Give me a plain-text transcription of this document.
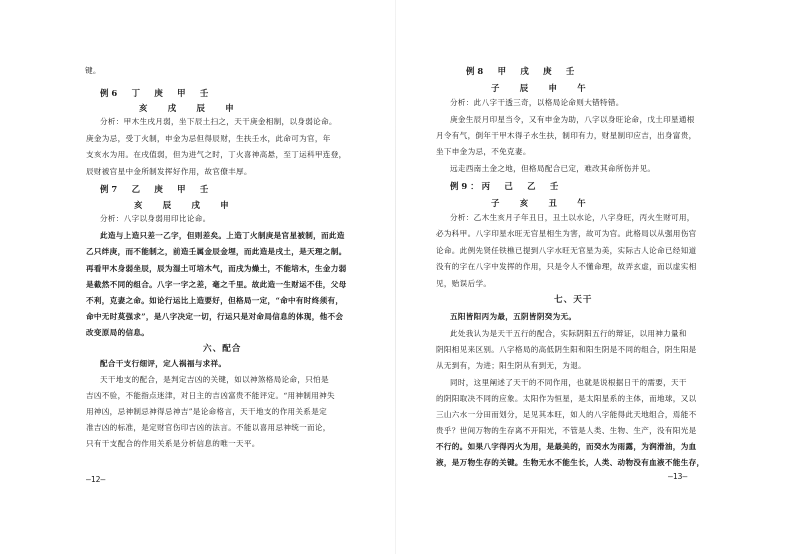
键。
例6　丁　庚　甲　壬
亥　戌　辰　申
分析：甲木生戌月弱，坐下辰土扫之，天干庚金相制，以身弱论命。
庚金为忌，受丁火制，申金为忌但得辰财，生扶壬水，此命可为官，年
支亥水为用。在戌值弱，但为进气之时，丁火喜神高悬，至丁运科甲连登，
辰财被官星中金所制发挥好作用，故官僚丰厚。
例7　乙　庚　甲　壬
亥　辰　戌　申
分析：八字以身弱用印比论命。
此造与上造只差一乙字，但则差矣。上造丁火制庚是官星被制，而此造
乙只绊庚，而不能制之，前造壬属金辰金埋，而此造是戌土，是天理之制。
再看甲木身弱坐辰，辰为湿土可培木气，而戌为燥土，不能培木，生金力弱
是截然不同的组合。八字一字之差，毫之千里。故此造一生财运不佳，父母
不利，克妻之命。如论行运比上造要好，但格局一定，“命中有时终须有，
命中无时莫强求”，是八字决定一切，行运只是对命局信息的体现，他不会
改变原局的信息。
六、配合
配合干支行细评，定人祸福与求祥。
天干地支的配合，是判定吉凶的关键，如以神煞格局论命，只怕是
吉凶不验，不能指点迷津，对日主的吉凶富贵不能评定。“用神制用神失
用神凶，忌神制忌神得忌神吉”是论命格言，天干地支的作用关系是定
准吉凶的标准，是定财官伤印吉凶的法言。不能以喜用忌神统一而论，
只有干支配合的作用关系是分析信息的唯一天平。
—12—
例8　甲　戌　庚　壬
子　辰　申　午
分析：此八字干透三奇，以格局论命则大错特错。
庚金生辰月印星当令，又有申金为助，八字以身旺论命，戊土印星通根
月令有气，倒年干甲木得子水生扶，制印有力，财星制印应吉，出身富贵，
坐下申金为忌，不免克妻。
远走西南土金之地，但格局配合已定，难改其命所伤并见。
例9：丙　己　乙　壬
子　亥　丑　午
分析：乙木生亥月子年丑日，丑土以水论，八字身旺，丙火生财可用，
必为科甲。八字印星水旺无官星相生为害，故可为官。此格局以从强用伤官
论命。此例先贤任铁樵已提到八字水旺无官星为美，实际古人论命已经知道
没有的字在八字中发挥的作用，只是令人不懂命理，故弄玄虚，而以虚实相
见，贻误后学。
七、天干
五阳皆阳丙为最，五阴皆阴癸为无。
此处我认为是天干五行的配合，实际阴阳五行的辩证，以用神力量和
阴阳相见来区别。八字格局的高低阴生阳和阳生阴是不同的组合，阴生阳是
从无到有，为进；阳生阴从有到无，为退。
同时，这里阐述了天干的不同作用，也就是说根据日干的需要，天干
的阴阳取决不同的应象。太阳作为恒星，是太阳星系的主体，而地球，又以
三山六水一分田而划分，足见其本旺，如人的八字能得此天地组合，焉能不
贵乎？世间万物的生存离不开阳光，不管是人类、生物、生产，没有阳光是
不行的。如果八字得丙火为用，是最美的，而癸水为雨露，为润滑油，为血
液，是万物生存的关键。生物无水不能生长，人类、动物没有血液不能生存，
—13—
